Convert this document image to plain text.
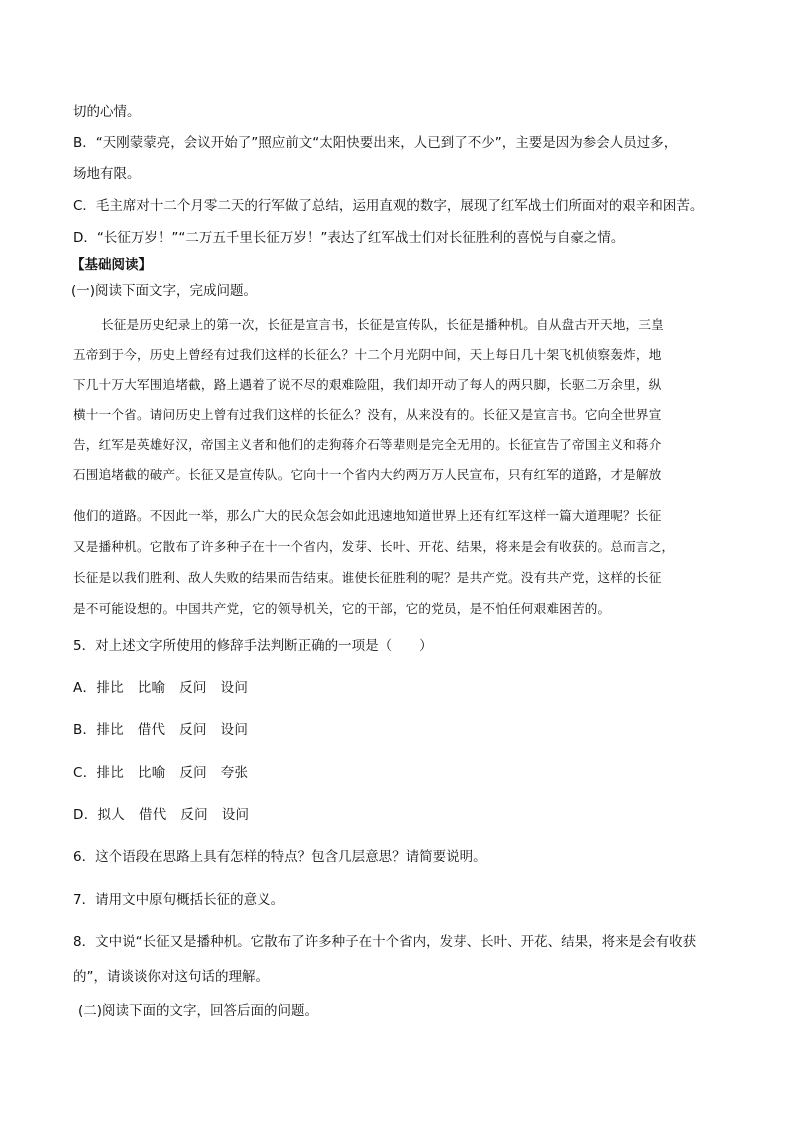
切的心情。
B．“天刚蒙蒙亮，会议开始了”照应前文“太阳快要出来，人已到了不少”，主要是因为参会人员过多，
场地有限。
C．毛主席对十二个月零二天的行军做了总结，运用直观的数字，展现了红军战士们所面对的艰辛和困苦。
D．“长征万岁！”“二万五千里长征万岁！”表达了红军战士们对长征胜利的喜悦与自豪之情。
【基础阅读】
(一)阅读下面文字，完成问题。
长征是历史纪录上的第一次，长征是宣言书，长征是宣传队，长征是播种机。自从盘古开天地，三皇
五帝到于今，历史上曾经有过我们这样的长征么？十二个月光阴中间，天上每日几十架飞机侦察轰炸，地
下几十万大军围追堵截，路上遇着了说不尽的艰难险阻，我们却开动了每人的两只脚，长驱二万余里，纵
横十一个省。请问历史上曾有过我们这样的长征么？没有，从来没有的。长征又是宣言书。它向全世界宣
告，红军是英雄好汉，帝国主义者和他们的走狗蒋介石等辈则是完全无用的。长征宣告了帝国主义和蒋介
石围追堵截的破产。长征又是宣传队。它向十一个省内大约两万万人民宣布，只有红军的道路，才是解放
他们的道路。不因此一举，那么广大的民众怎会如此迅速地知道世界上还有红军这样一篇大道理呢？长征
又是播种机。它散布了许多种子在十一个省内，发芽、长叶、开花、结果，将来是会有收获的。总而言之，
长征是以我们胜利、敌人失败的结果而告结束。谁使长征胜利的呢？是共产党。没有共产党，这样的长征
是不可能设想的。中国共产党，它的领导机关，它的干部，它的党员，是不怕任何艰难困苦的。
5．对上述文字所使用的修辞手法判断正确的一项是（　　）
A．排比　比喻　反问　设问
B．排比　借代　反问　设问
C．排比　比喻　反问　夸张
D．拟人　借代　反问　设问
6．这个语段在思路上具有怎样的特点？包含几层意思？请简要说明。
7．请用文中原句概括长征的意义。
8．文中说“长征又是播种机。它散布了许多种子在十个省内，发芽、长叶、开花、结果，将来是会有收获
的”，请谈谈你对这句话的理解。
(二)阅读下面的文字，回答后面的问题。
